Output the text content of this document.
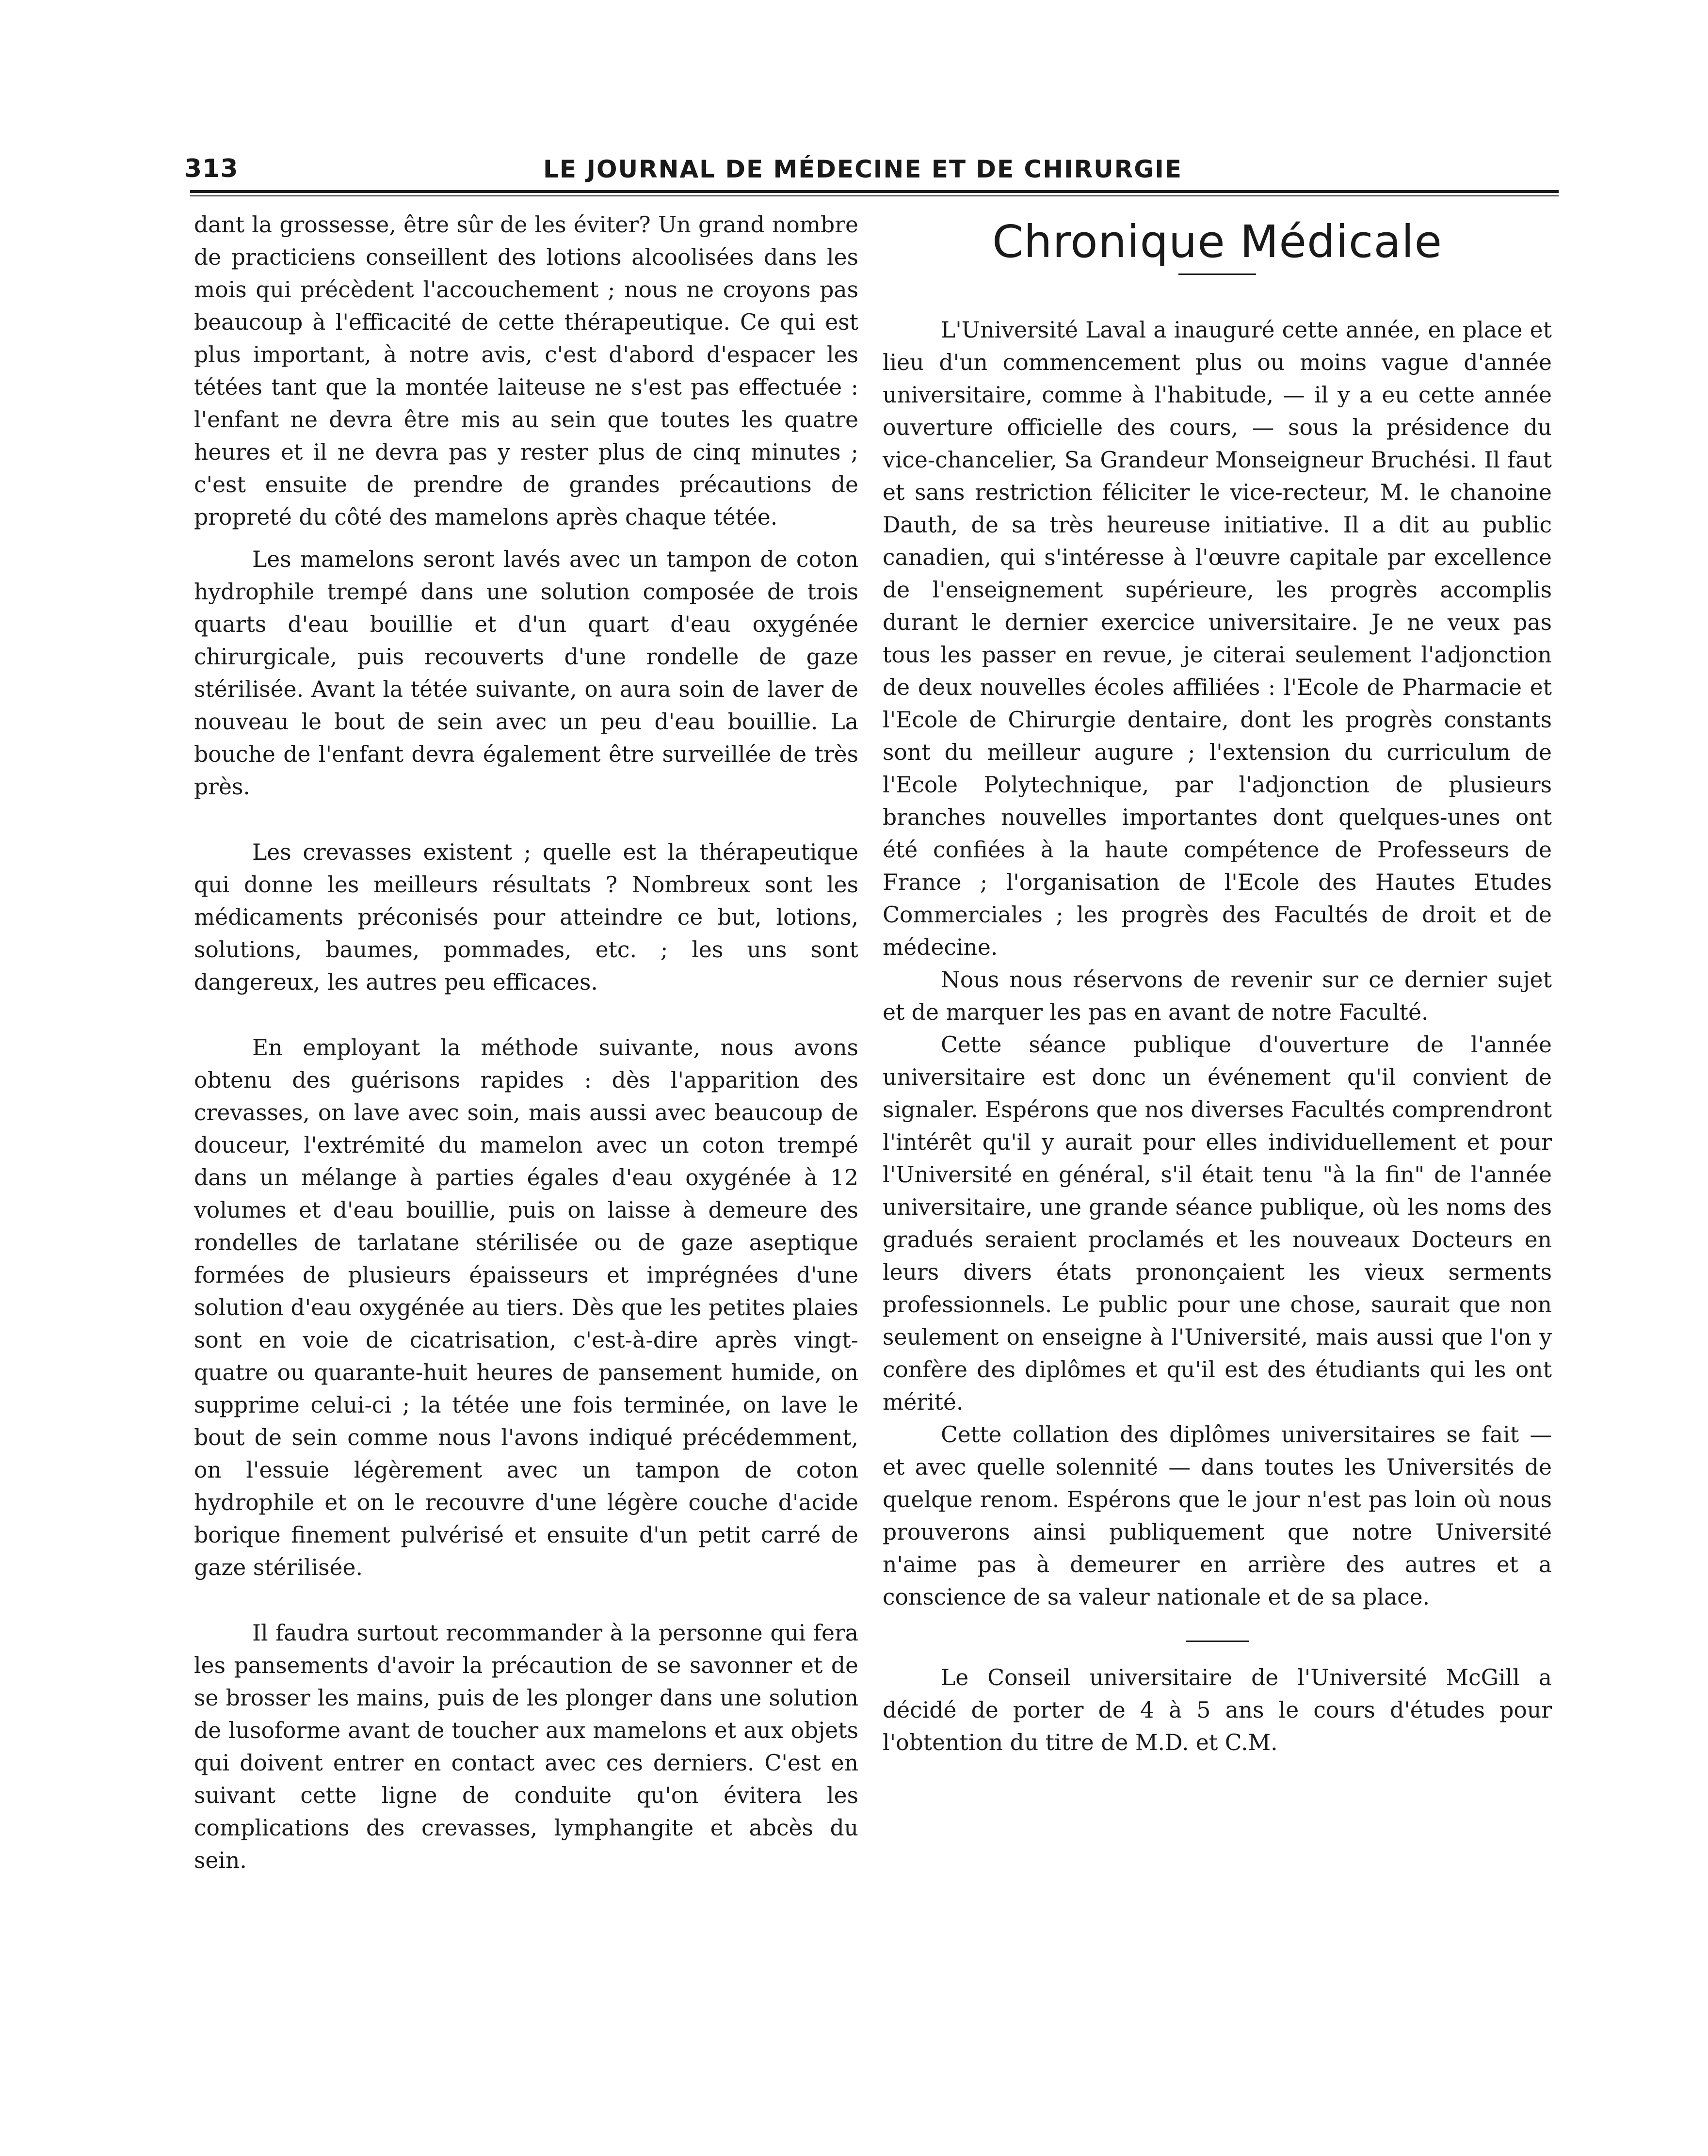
313	LE JOURNAL DE MÉDECINE ET DE CHIRURGIE

dant la grossesse, être sûr de les éviter? Un grand nombre de practiciens conseillent des lotions alcoolisées dans les mois qui précèdent l'accouchement ; nous ne croyons pas beaucoup à l'efficacité de cette thérapeutique. Ce qui est plus important, à notre avis, c'est d'abord d'espacer les tétées tant que la montée laiteuse ne s'est pas effectuée : l'enfant ne devra être mis au sein que toutes les quatre heures et il ne devra pas y rester plus de cinq minutes ; c'est ensuite de prendre de grandes précautions de propreté du côté des mamelons après chaque tétée.

Les mamelons seront lavés avec un tampon de coton hydrophile trempé dans une solution composée de trois quarts d'eau bouillie et d'un quart d'eau oxygénée chirurgicale, puis recouverts d'une rondelle de gaze stérilisée. Avant la tétée suivante, on aura soin de laver de nouveau le bout de sein avec un peu d'eau bouillie. La bouche de l'enfant devra également être surveillée de très près.

Les crevasses existent ; quelle est la thérapeutique qui donne les meilleurs résultats ? Nombreux sont les médicaments préconisés pour atteindre ce but, lotions, solutions, baumes, pommades, etc. ; les uns sont dangereux, les autres peu efficaces.

En employant la méthode suivante, nous avons obtenu des guérisons rapides : dès l'apparition des crevasses, on lave avec soin, mais aussi avec beaucoup de douceur, l'extrémité du mamelon avec un coton trempé dans un mélange à parties égales d'eau oxygénée à 12 volumes et d'eau bouillie, puis on laisse à demeure des rondelles de tarlatane stérilisée ou de gaze aseptique formées de plusieurs épaisseurs et imprégnées d'une solution d'eau oxygénée au tiers. Dès que les petites plaies sont en voie de cicatrisation, c'est-à-dire après vingt-quatre ou quarante-huit heures de pansement humide, on supprime celui-ci ; la tétée une fois terminée, on lave le bout de sein comme nous l'avons indiqué précédemment, on l'essuie légèrement avec un tampon de coton hydrophile et on le recouvre d'une légère couche d'acide borique finement pulvérisé et ensuite d'un petit carré de gaze stérilisée.

Il faudra surtout recommander à la personne qui fera les pansements d'avoir la précaution de se savonner et de se brosser les mains, puis de les plonger dans une solution de lusoforme avant de toucher aux mamelons et aux objets qui doivent entrer en contact avec ces derniers. C'est en suivant cette ligne de conduite qu'on évitera les complications des crevasses, lymphangite et abcès du sein.

Chronique Médicale

L'Université Laval a inauguré cette année, en place et lieu d'un commencement plus ou moins vague d'année universitaire, comme à l'habitude, — il y a eu cette année ouverture officielle des cours, — sous la présidence du vice-chancelier, Sa Grandeur Monseigneur Bruchési. Il faut et sans restriction féliciter le vice-recteur, M. le chanoine Dauth, de sa très heureuse initiative. Il a dit au public canadien, qui s'intéresse à l'œuvre capitale par excellence de l'enseignement supérieure, les progrès accomplis durant le dernier exercice universitaire. Je ne veux pas tous les passer en revue, je citerai seulement l'adjonction de deux nouvelles écoles affiliées : l'Ecole de Pharmacie et l'Ecole de Chirurgie dentaire, dont les progrès constants sont du meilleur augure ; l'extension du curriculum de l'Ecole Polytechnique, par l'adjonction de plusieurs branches nouvelles importantes dont quelques-unes ont été confiées à la haute compétence de Professeurs de France ; l'organisation de l'Ecole des Hautes Etudes Commerciales ; les progrès des Facultés de droit et de médecine.

Nous nous réservons de revenir sur ce dernier sujet et de marquer les pas en avant de notre Faculté.

Cette séance publique d'ouverture de l'année universitaire est donc un événement qu'il convient de signaler. Espérons que nos diverses Facultés comprendront l'intérêt qu'il y aurait pour elles individuellement et pour l'Université en général, s'il était tenu "à la fin" de l'année universitaire, une grande séance publique, où les noms des gradués seraient proclamés et les nouveaux Docteurs en leurs divers états prononçaient les vieux serments professionnels. Le public pour une chose, saurait que non seulement on enseigne à l'Université, mais aussi que l'on y confère des diplômes et qu'il est des étudiants qui les ont mérité.

Cette collation des diplômes universitaires se fait — et avec quelle solennité — dans toutes les Universités de quelque renom. Espérons que le jour n'est pas loin où nous prouverons ainsi publiquement que notre Université n'aime pas à demeurer en arrière des autres et a conscience de sa valeur nationale et de sa place.

Le Conseil universitaire de l'Université McGill a décidé de porter de 4 à 5 ans le cours d'études pour l'obtention du titre de M.D. et C.M.
